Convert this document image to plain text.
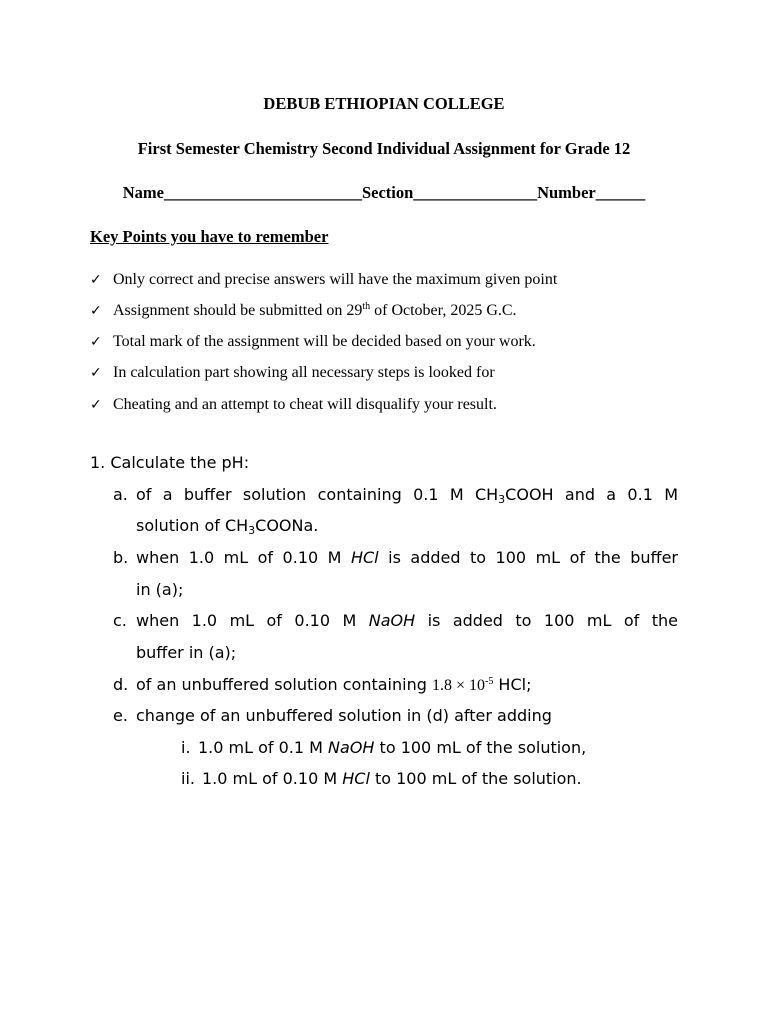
DEBUB ETHIOPIAN COLLEGE
First Semester Chemistry Second Individual Assignment for Grade 12
Name________________________Section_______________Number______
Key Points you have to remember
✓ Only correct and precise answers will have the maximum given point
✓ Assignment should be submitted on 29th of October, 2025 G.C.
✓ Total mark of the assignment will be decided based on your work.
✓ In calculation part showing all necessary steps is looked for
✓ Cheating and an attempt to cheat will disqualify your result.
1. Calculate the pH:
a. of a buffer solution containing 0.1 M $CH_3COOH$ and a 0.1 M
solution of $CH_3COONa$.
b. when 1.0 mL of 0.10 M HCl is added to 100 mL of the buffer
in (a);
c. when 1.0 mL of 0.10 M NaOH is added to 100 mL of the
buffer in (a);
d. of an unbuffered solution containing $1.8 \times 10^{-5}$ HCl;
e. change of an unbuffered solution in (d) after adding
i. 1.0 mL of 0.1 M NaOH to 100 mL of the solution,
ii. 1.0 mL of 0.10 M HCl to 100 mL of the solution.
